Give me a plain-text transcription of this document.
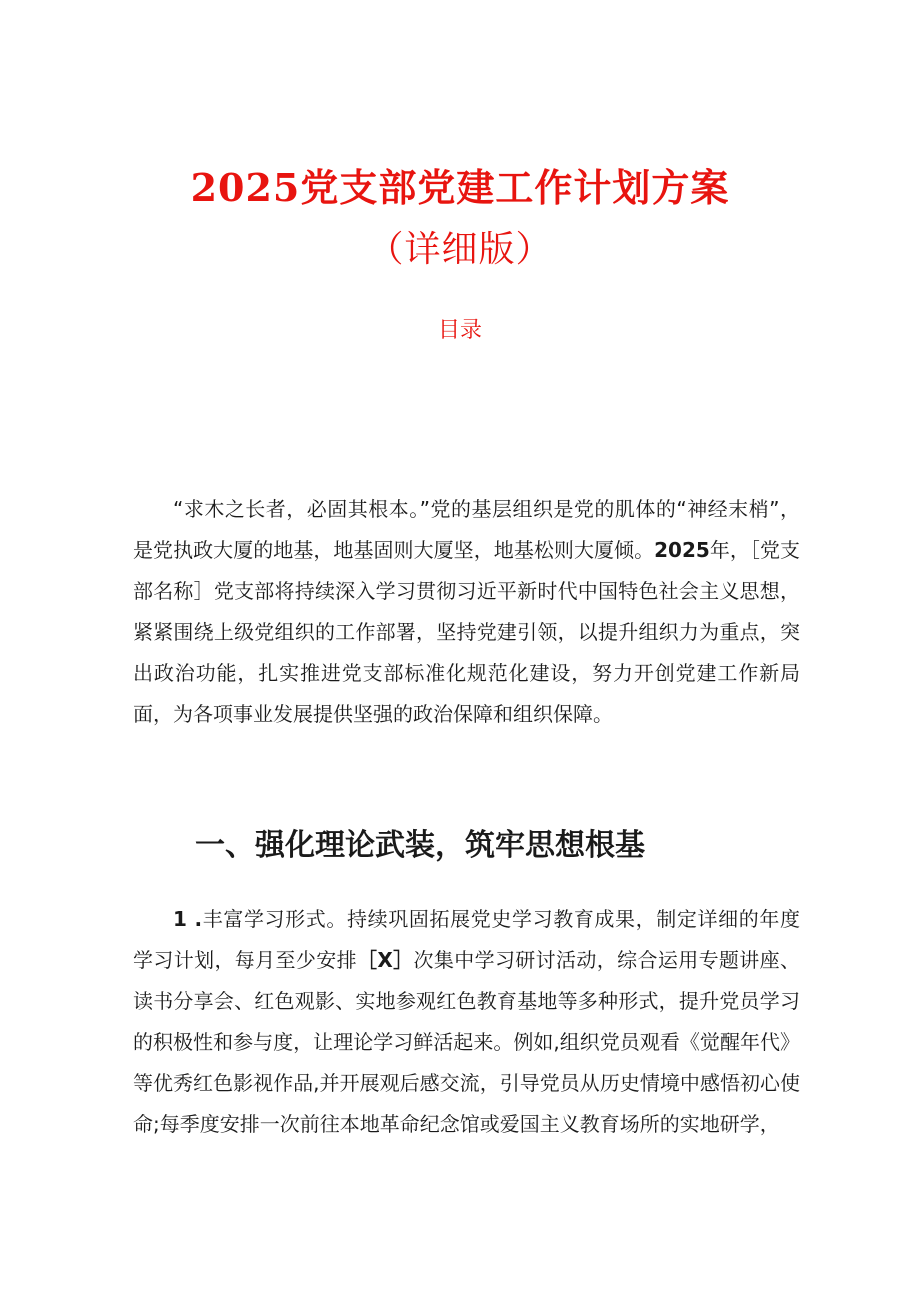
2025党支部党建工作计划方案
（详细版）
目录

“求木之长者，必固其根本。”党的基层组织是党的肌体的“神经末梢”，是党执政大厦的地基，地基固则大厦坚，地基松则大厦倾。2025年，［党支部名称］党支部将持续深入学习贯彻习近平新时代中国特色社会主义思想，紧紧围绕上级党组织的工作部署，坚持党建引领，以提升组织力为重点，突出政治功能，扎实推进党支部标准化规范化建设，努力开创党建工作新局面，为各项事业发展提供坚强的政治保障和组织保障。

一、强化理论武装，筑牢思想根基

1 .丰富学习形式。持续巩固拓展党史学习教育成果，制定详细的年度学习计划，每月至少安排［X］次集中学习研讨活动，综合运用专题讲座、读书分享会、红色观影、实地参观红色教育基地等多种形式，提升党员学习的积极性和参与度，让理论学习鲜活起来。例如,组织党员观看《觉醒年代》等优秀红色影视作品,并开展观后感交流，引导党员从历史情境中感悟初心使命;每季度安排一次前往本地革命纪念馆或爱国主义教育场所的实地研学，
